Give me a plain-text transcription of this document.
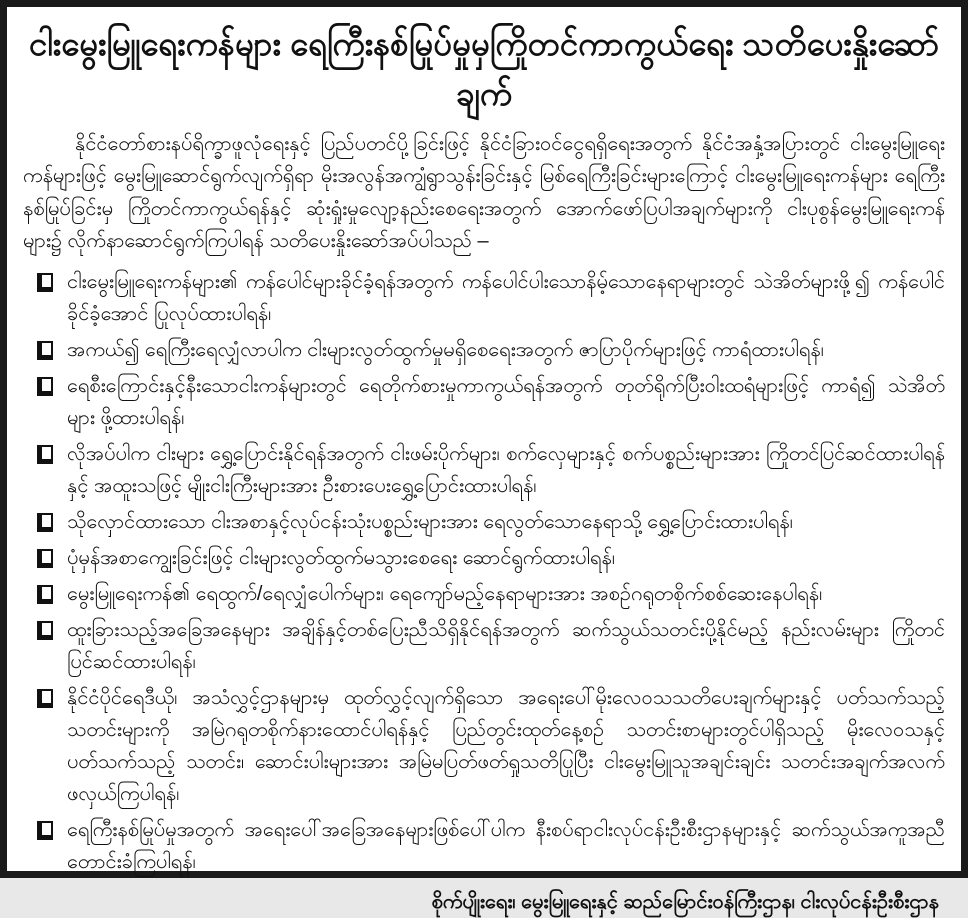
ငါးမွေးမြူရေးကန်များ ရေကြီးနစ်မြုပ်မှုမှကြိုတင်ကာကွယ်ရေး သတိပေးနှိုးဆော်ချက်

နိုင်ငံတော်စားနပ်ရိက္ခာဖူလုံရေးနှင့် ပြည်ပတင်ပို့ခြင်းဖြင့် နိုင်ငံခြားဝင်ငွေရရှိရေးအတွက် နိုင်ငံအနှံ့အပြားတွင် ငါးမွေးမြူရေးကန်များဖြင့် မွေးမြူဆောင်ရွက်လျက်ရှိရာ မိုးအလွန်အကျွံရွာသွန်းခြင်းနှင့် မြစ်ရေကြီးခြင်းများကြောင့် ငါးမွေးမြူရေးကန်များ ရေကြီးနစ်မြုပ်ခြင်းမှ ကြိုတင်ကာကွယ်ရန်နှင့် ဆုံးရှုံးမှုလျော့နည်းစေရေးအတွက် အောက်ဖော်ပြပါအချက်များကို ငါးပုစွန်မွေးမြူရေးကန်များ၌ လိုက်နာဆောင်ရွက်ကြပါရန် သတိပေးနှိုးဆော်အပ်ပါသည် –

ငါးမွေးမြူရေးကန်များ၏ ကန်ပေါင်များခိုင်ခံ့ရန်အတွက် ကန်ပေါင်ပါးသောနိမ့်သောနေရာများတွင် သဲအိတ်များဖို့၍ ကန်ပေါင်ခိုင်ခံ့အောင် ပြုလုပ်ထားပါရန်၊
အကယ်၍ ရေကြီးရေလျှံလာပါက ငါးများလွတ်ထွက်မှုမရှိစေရေးအတွက် ဇာပြာပိုက်များဖြင့် ကာရံထားပါရန်၊
ရေစီးကြောင်းနှင့်နီးသောငါးကန်များတွင် ရေတိုက်စားမှုကာကွယ်ရန်အတွက် တုတ်ရိုက်ပြီးဝါးထရံများဖြင့် ကာရံ၍ သဲအိတ်များ ဖို့ထားပါရန်၊
လိုအပ်ပါက ငါးများ ရွှေ့ပြောင်းနိုင်ရန်အတွက် ငါးဖမ်းပိုက်များ၊ စက်လှေများနှင့် စက်ပစ္စည်းများအား ကြိုတင်ပြင်ဆင်ထားပါရန်နှင့် အထူးသဖြင့် မျိုးငါးကြီးများအား ဦးစားပေးရွှေ့ပြောင်းထားပါရန်၊
သိုလှောင်ထားသော ငါးအစာနှင့်လုပ်ငန်းသုံးပစ္စည်းများအား ရေလွတ်သောနေရာသို့ ရွှေ့ပြောင်းထားပါရန်၊
ပုံမှန်အစာကျွေးခြင်းဖြင့် ငါးများလွတ်ထွက်မသွားစေရေး ဆောင်ရွက်ထားပါရန်၊
မွေးမြူရေးကန်၏ ရေထွက်/ရေလျှံပေါက်များ၊ ရေကျော်မည့်နေရာများအား အစဉ်ဂရုတစိုက်စစ်ဆေးနေပါရန်၊
ထူးခြားသည့်အခြေအနေများ အချိန်နှင့်တစ်ပြေးညီသိရှိနိုင်ရန်အတွက် ဆက်သွယ်သတင်းပို့နိုင်မည့် နည်းလမ်းများ ကြိုတင်ပြင်ဆင်ထားပါရန်၊
နိုင်ငံပိုင်ရေဒီယို၊ အသံလွှင့်ဌာနများမှ ထုတ်လွှင့်လျက်ရှိသော အရေးပေါ်မိုးလေဝသသတိပေးချက်များနှင့် ပတ်သက်သည့် သတင်းများကို အမြဲဂရုတစိုက်နားထောင်ပါရန်နှင့် ပြည်တွင်းထုတ်နေ့စဉ် သတင်းစာများတွင်ပါရှိသည့် မိုးလေဝသနှင့် ပတ်သက်သည့် သတင်း၊ ဆောင်းပါးများအား အမြဲမပြတ်ဖတ်ရှုသတိပြုပြီး ငါးမွေးမြူသူအချင်းချင်း သတင်းအချက်အလက် ဖလှယ်ကြပါရန်၊
ရေကြီးနစ်မြုပ်မှုအတွက် အရေးပေါ်အခြေအနေများဖြစ်ပေါ်ပါက နီးစပ်ရာငါးလုပ်ငန်းဦးစီးဌာနများနှင့် ဆက်သွယ်အကူအညီ တောင်းခံကြပါရန်၊
စိုက်ပျိုးရေး၊ မွေးမြူရေးနှင့် ဆည်မြောင်းဝန်ကြီးဌာန၊ ငါးလုပ်ငန်းဦးစီးဌာန
